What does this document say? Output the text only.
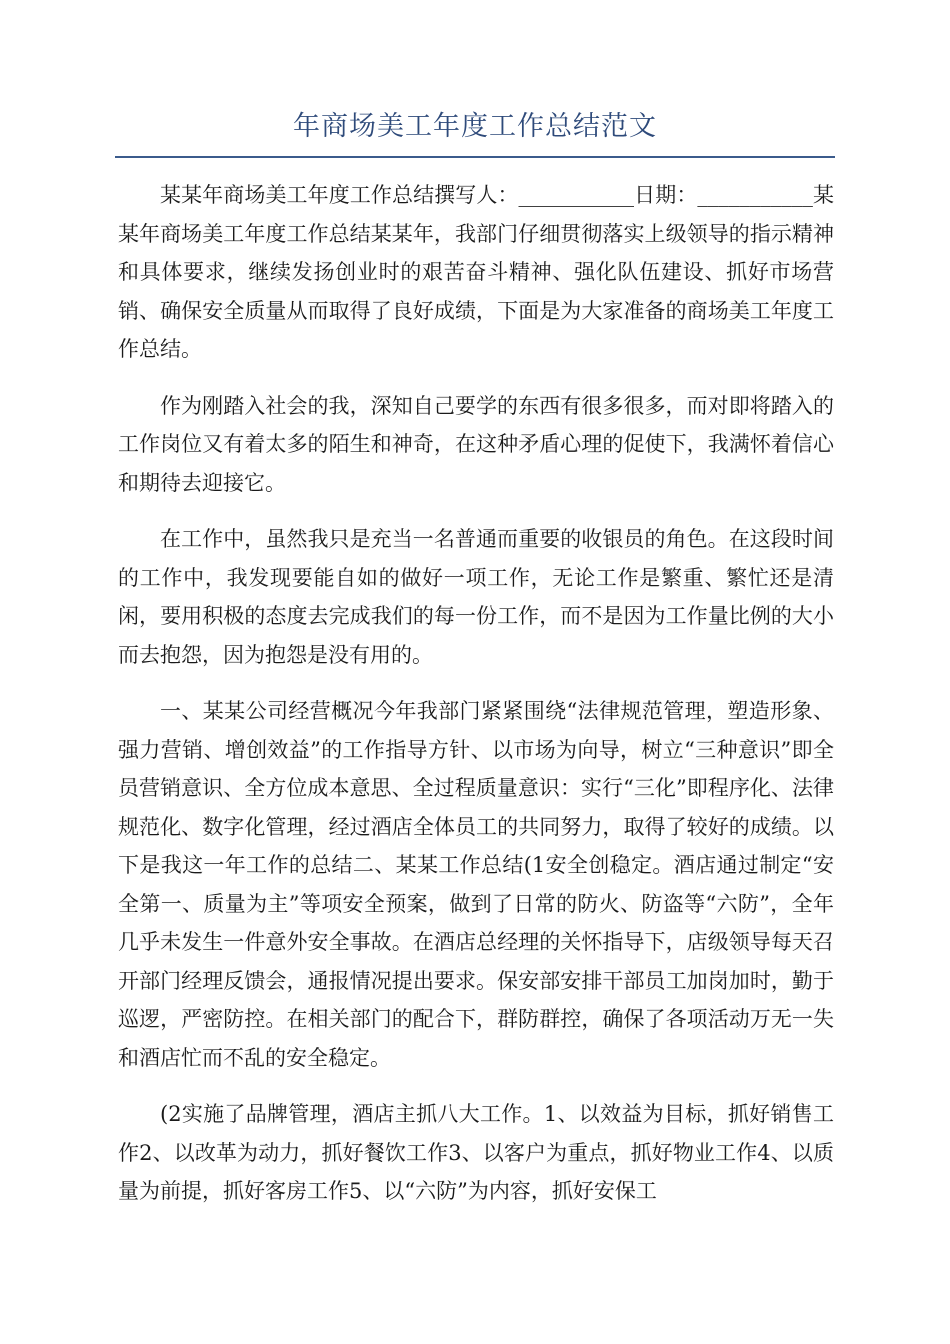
年商场美工年度工作总结范文

某某年商场美工年度工作总结撰写人：___________日期：___________某某年商场美工年度工作总结某某年，我部门仔细贯彻落实上级领导的指示精神和具体要求，继续发扬创业时的艰苦奋斗精神、强化队伍建设、抓好市场营销、确保安全质量从而取得了良好成绩，下面是为大家准备的商场美工年度工作总结。

作为刚踏入社会的我，深知自己要学的东西有很多很多，而对即将踏入的工作岗位又有着太多的陌生和神奇，在这种矛盾心理的促使下，我满怀着信心和期待去迎接它。

在工作中，虽然我只是充当一名普通而重要的收银员的角色。在这段时间的工作中，我发现要能自如的做好一项工作，无论工作是繁重、繁忙还是清闲，要用积极的态度去完成我们的每一份工作，而不是因为工作量比例的大小而去抱怨，因为抱怨是没有用的。

一、某某公司经营概况今年我部门紧紧围绕“法律规范管理，塑造形象、强力营销、增创效益”的工作指导方针、以市场为向导，树立“三种意识”即全员营销意识、全方位成本意思、全过程质量意识：实行“三化”即程序化、法律规范化、数字化管理，经过酒店全体员工的共同努力，取得了较好的成绩。以下是我这一年工作的总结二、某某工作总结(1安全创稳定。酒店通过制定“安全第一、质量为主”等项安全预案，做到了日常的防火、防盗等“六防”，全年几乎未发生一件意外安全事故。在酒店总经理的关怀指导下，店级领导每天召开部门经理反馈会，通报情况提出要求。保安部安排干部员工加岗加时，勤于巡逻，严密防控。在相关部门的配合下，群防群控，确保了各项活动万无一失和酒店忙而不乱的安全稳定。

(2实施了品牌管理，酒店主抓八大工作。1、以效益为目标，抓好销售工作2、以改革为动力，抓好餐饮工作3、以客户为重点，抓好物业工作4、以质量为前提，抓好客房工作5、以“六防”为内容，抓好安保工
